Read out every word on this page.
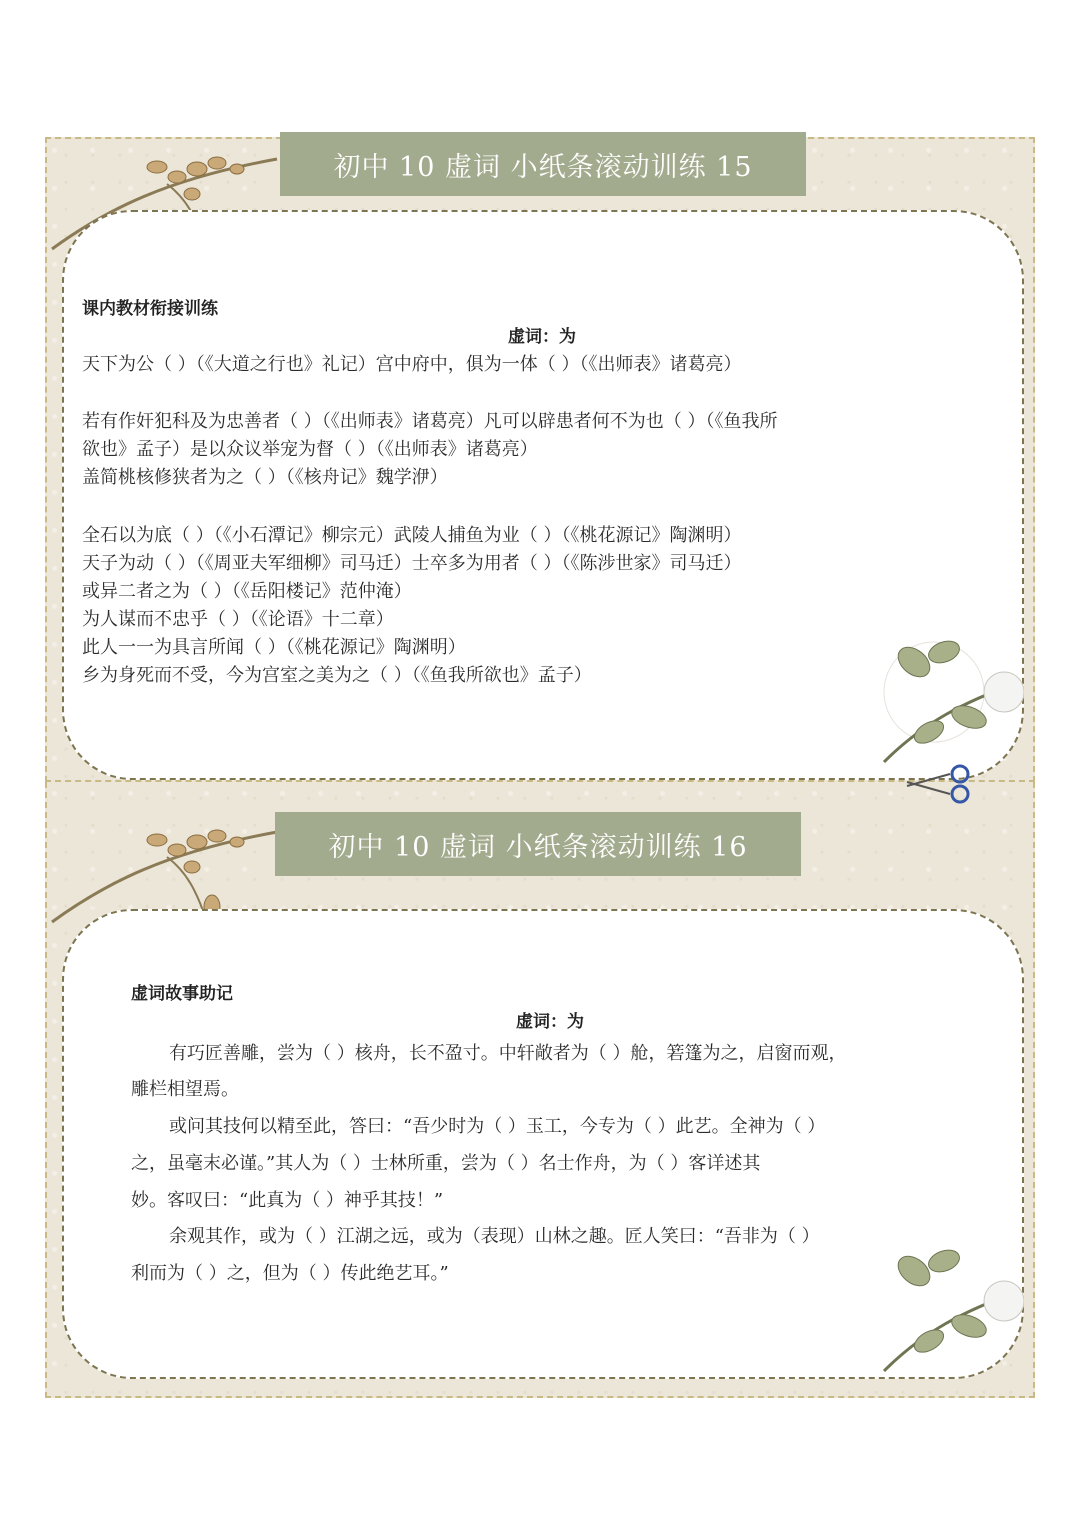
初中 10 虚词 小纸条滚动训练 15
初中 10 虚词 小纸条滚动训练 16
课内教材衔接训练
虚词：为
天下为公（ ）（《大道之行也》礼记）宫中府中，俱为一体（ ）（《出师表》诸葛亮）
若有作奸犯科及为忠善者（ ）（《出师表》诸葛亮）凡可以辟患者何不为也（ ）（《鱼我所
欲也》孟子）是以众议举宠为督（ ）（《出师表》诸葛亮）
盖简桃核修狭者为之（ ）（《核舟记》魏学洢）
全石以为底（ ）（《小石潭记》柳宗元）武陵人捕鱼为业（ ）（《桃花源记》陶渊明）
天子为动（ ）（《周亚夫军细柳》司马迁）士卒多为用者（ ）（《陈涉世家》司马迁）
或异二者之为（ ）（《岳阳楼记》范仲淹）
为人谋而不忠乎（ ）（《论语》十二章）
此人一一为具言所闻（ ）（《桃花源记》陶渊明）
乡为身死而不受，今为宫室之美为之（ ）（《鱼我所欲也》孟子）
虚词故事助记
虚词：为
有巧匠善雕，尝为（ ）核舟，长不盈寸。中轩敞者为（ ）舱，箬篷为之，启窗而观，
雕栏相望焉。
或问其技何以精至此，答曰：“吾少时为（ ）玉工，今专为（ ）此艺。全神为（ ）
之，虽毫末必谨。”其人为（ ）士林所重，尝为（ ）名士作舟，为（ ）客详述其
妙。客叹曰：“此真为（ ）神乎其技！”
余观其作，或为（ ）江湖之远，或为（表现）山林之趣。匠人笑曰：“吾非为（ ）
利而为（ ）之，但为（ ）传此绝艺耳。”
